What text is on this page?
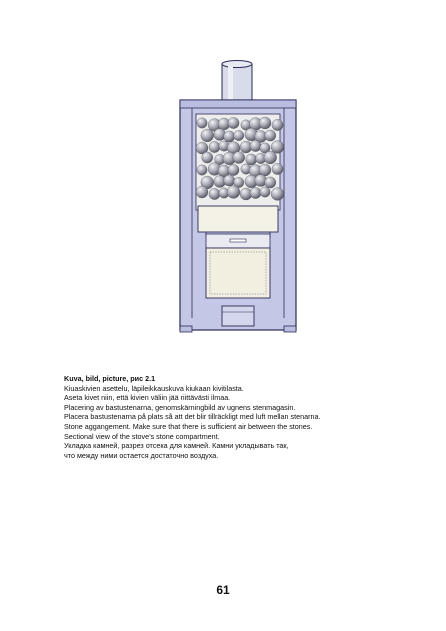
Kuva, bild, picture, рис 2.1
Kiuaskivien asettelu, läpileikkauskuva kiukaan kivitilasta.
Aseta kivet niin, että kivien väliin jää riittävästi ilmaa.
Placering av bastustenarna, genomskärningbild av ugnens stenmagasin.
Placera bastustenarna på plats så att det blir tillräckligt med luft mellan stenarna.
Stone aggangement. Make sure that there is sufficient air between the stones.
Sectional view of the stove’s stone compartment.
Укладка камней, разрез отсека для камней. Камни укладывать так,
что между ними остается достаточно воздуха.
61
